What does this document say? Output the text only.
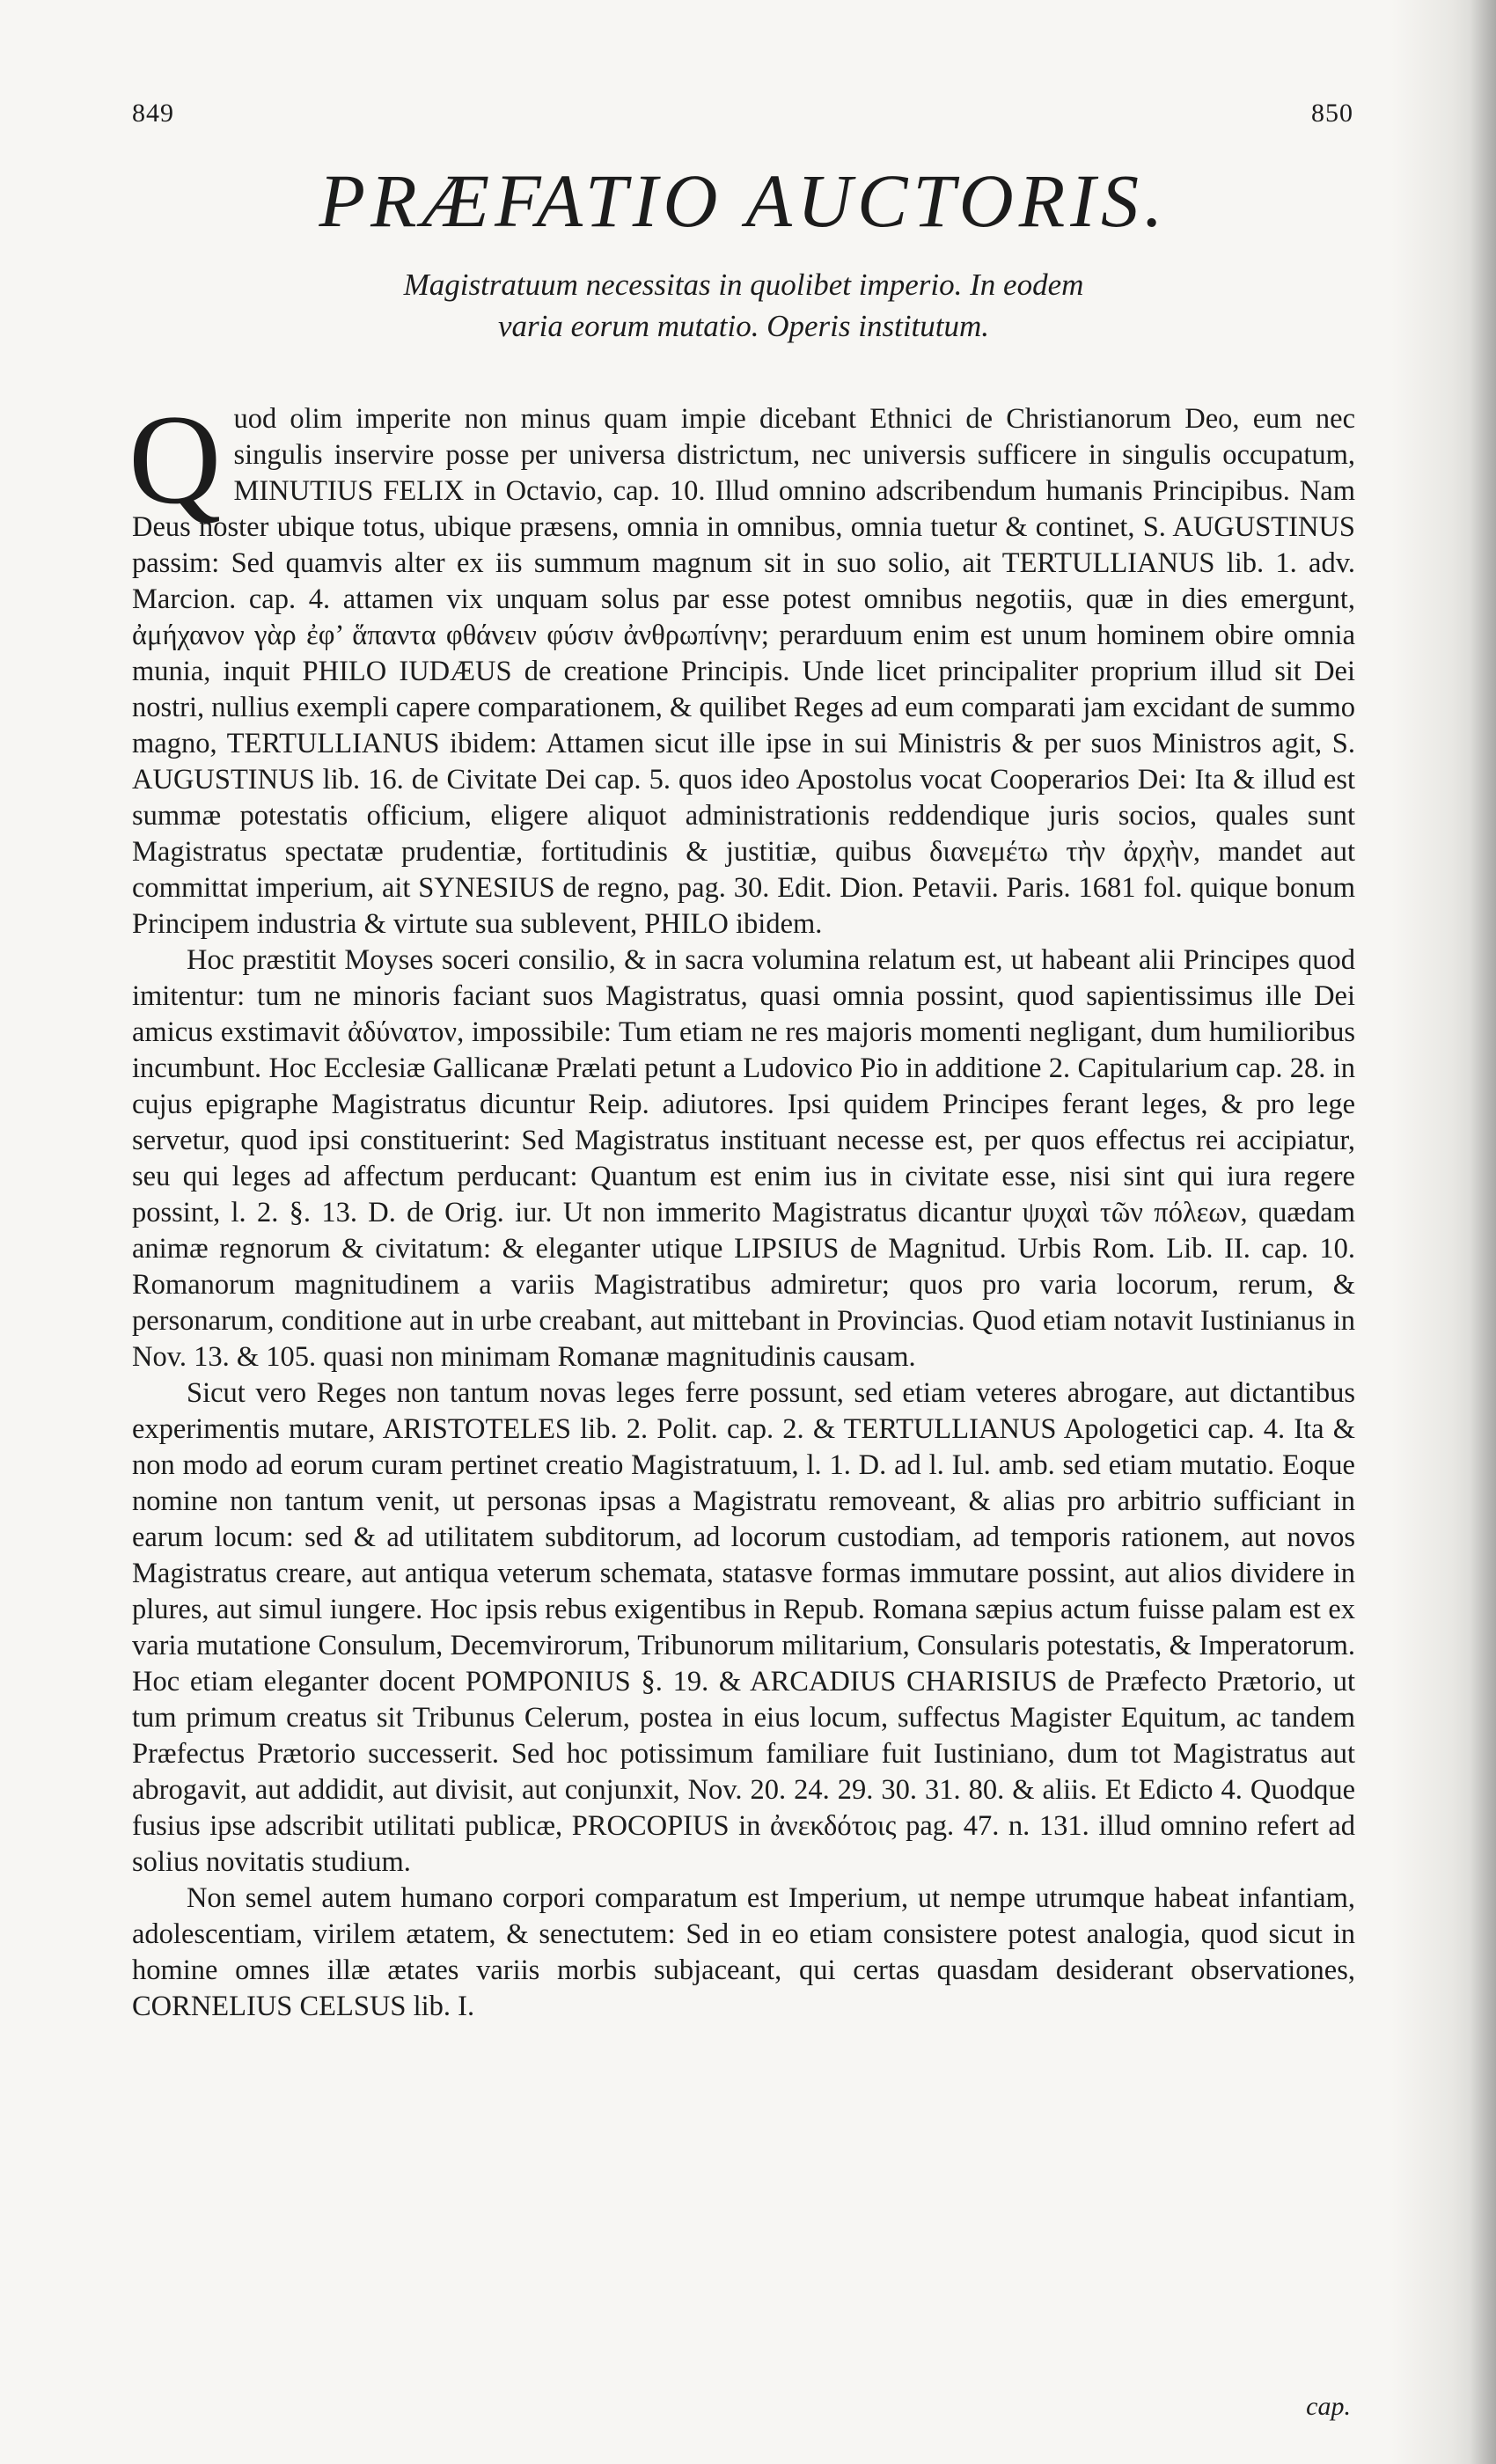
849	850
PRÆFATIO AUCTORIS.
Magistratuum necessitas in quolibet imperio. In eodem
varia eorum mutatio. Operis institutum.

Quod olim imperite non minus quam impie dicebant Ethnici de Christianorum Deo, eum nec singulis inservire posse per universa districtum, nec universis sufficere in singulis occupatum, MINUTIUS FELIX in Octavio, cap. 10. Illud omnino adscribendum humanis Principibus. Nam Deus noster ubique totus, ubique præsens, omnia in omnibus, omnia tuetur & continet, S. AUGUSTINUS passim: Sed quamvis alter ex iis summum magnum sit in suo solio, ait TERTULLIANUS lib. 1. adv. Marcion. cap. 4. attamen vix unquam solus par esse potest omnibus negotiis, quæ in dies emergunt, ἀμήχανον γὰρ ἐφ’ ἅπαντα φθάνειν φύσιν ἀνθρωπίνην; perarduum enim est unum hominem obire omnia munia, inquit PHILO IUDÆUS de creatione Principis. Unde licet principaliter proprium illud sit Dei nostri, nullius exempli capere comparationem, & quilibet Reges ad eum comparati jam excidant de summo magno, TERTULLIANUS ibidem: Attamen sicut ille ipse in sui Ministris & per suos Ministros agit, S. AUGUSTINUS lib. 16. de Civitate Dei cap. 5. quos ideo Apostolus vocat Cooperarios Dei: Ita & illud est summæ potestatis officium, eligere aliquot administrationis reddendique juris socios, quales sunt Magistratus spectatæ prudentiæ, fortitudinis & justitiæ, quibus διανεμέτω τὴν ἀρχὴν, mandet aut committat imperium, ait SYNESIUS de regno, pag. 30. Edit. Dion. Petavii. Paris. 1681 fol. quique bonum Principem industria & virtute sua sublevent, PHILO ibidem.

Hoc præstitit Moyses soceri consilio, & in sacra volumina relatum est, ut habeant alii Principes quod imitentur: tum ne minoris faciant suos Magistratus, quasi omnia possint, quod sapientissimus ille Dei amicus exstimavit ἀδύνατον, impossibile: Tum etiam ne res majoris momenti negligant, dum humilioribus incumbunt. Hoc Ecclesiæ Gallicanæ Prælati petunt a Ludovico Pio in additione 2. Capitularium cap. 28. in cujus epigraphe Magistratus dicuntur Reip. adiutores. Ipsi quidem Principes ferant leges, & pro lege servetur, quod ipsi constituerint: Sed Magistratus instituant necesse est, per quos effectus rei accipiatur, seu qui leges ad affectum perducant: Quantum est enim ius in civitate esse, nisi sint qui iura regere possint, l. 2. §. 13. D. de Orig. iur. Ut non immerito Magistratus dicantur ψυχαὶ τῶν πόλεων, quædam animæ regnorum & civitatum: & eleganter utique LIPSIUS de Magnitud. Urbis Rom. Lib. II. cap. 10. Romanorum magnitudinem a variis Magistratibus admiretur; quos pro varia locorum, rerum, & personarum, conditione aut in urbe creabant, aut mittebant in Provincias. Quod etiam notavit Iustinianus in Nov. 13. & 105. quasi non minimam Romanæ magnitudinis causam.

Sicut vero Reges non tantum novas leges ferre possunt, sed etiam veteres abrogare, aut dictantibus experimentis mutare, ARISTOTELES lib. 2. Polit. cap. 2. & TERTULLIANUS Apologetici cap. 4. Ita & non modo ad eorum curam pertinet creatio Magistratuum, l. 1. D. ad l. Iul. amb. sed etiam mutatio. Eoque nomine non tantum venit, ut personas ipsas a Magistratu removeant, & alias pro arbitrio sufficiant in earum locum: sed & ad utilitatem subditorum, ad locorum custodiam, ad temporis rationem, aut novos Magistratus creare, aut antiqua veterum schemata, statasve formas immutare possint, aut alios dividere in plures, aut simul iungere. Hoc ipsis rebus exigentibus in Repub. Romana sæpius actum fuisse palam est ex varia mutatione Consulum, Decemvirorum, Tribunorum militarium, Consularis potestatis, & Imperatorum. Hoc etiam eleganter docent POMPONIUS §. 19. & ARCADIUS CHARISIUS de Præfecto Prætorio, ut tum primum creatus sit Tribunus Celerum, postea in eius locum, suffectus Magister Equitum, ac tandem Præfectus Prætorio successerit. Sed hoc potissimum familiare fuit Iustiniano, dum tot Magistratus aut abrogavit, aut addidit, aut divisit, aut conjunxit, Nov. 20. 24. 29. 30. 31. 80. & aliis. Et Edicto 4. Quodque fusius ipse adscribit utilitati publicæ, PROCOPIUS in ἀνεκδότοις pag. 47. n. 131. illud omnino refert ad solius novitatis studium.

Non semel autem humano corpori comparatum est Imperium, ut nempe utrumque habeat infantiam, adolescentiam, virilem ætatem, & senectutem: Sed in eo etiam consistere potest analogia, quod sicut in homine omnes illæ ætates variis morbis subjaceant, qui certas quasdam desiderant observationes, CORNELIUS CELSUS lib. I.

cap.
